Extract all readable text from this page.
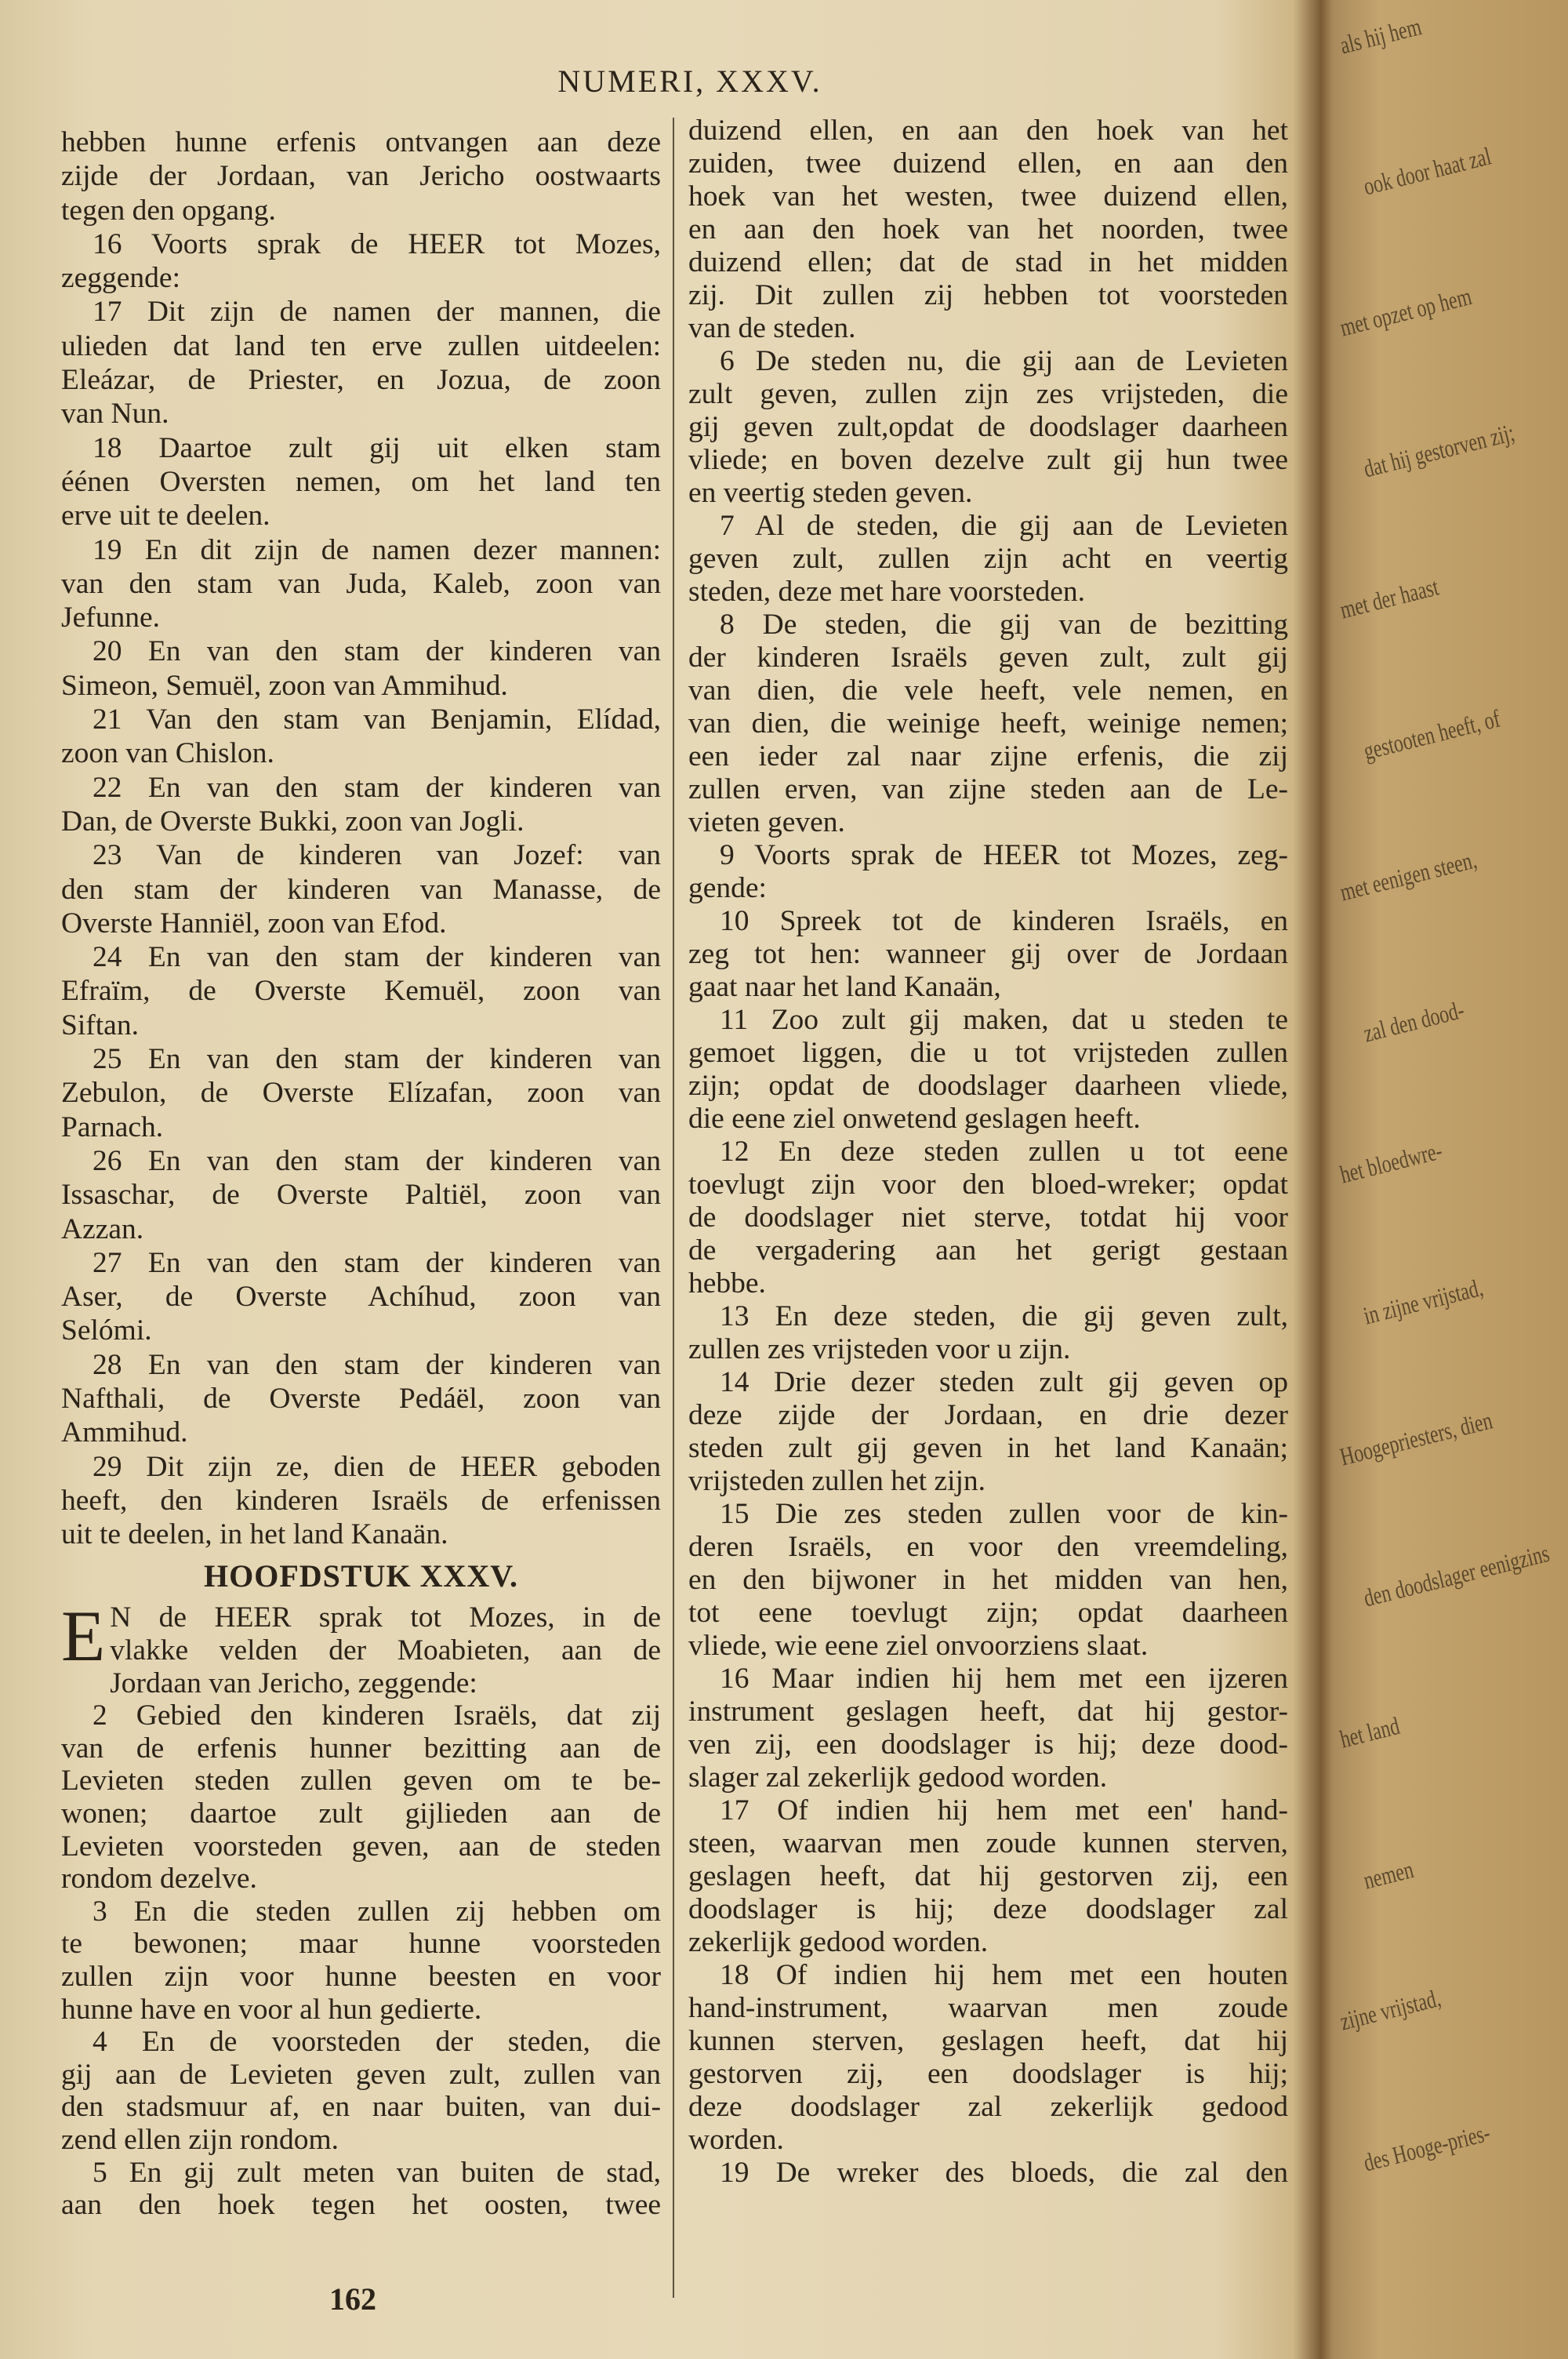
NUMERI, XXXV.
hebben hunne erfenis ontvangen aan deze
zijde der Jordaan, van Jericho oostwaarts
tegen den opgang.
16 Voorts sprak de HEER tot Mozes,
zeggende:
17 Dit zijn de namen der mannen, die
ulieden dat land ten erve zullen uitdeelen:
Eleázar, de Priester, en Jozua, de zoon
van Nun.
18 Daartoe zult gij uit elken stam
éénen Oversten nemen, om het land ten
erve uit te deelen.
19 En dit zijn de namen dezer mannen:
van den stam van Juda, Kaleb, zoon van
Jefunne.
20 En van den stam der kinderen van
Simeon, Semuël, zoon van Ammihud.
21 Van den stam van Benjamin, Elídad,
zoon van Chislon.
22 En van den stam der kinderen van
Dan, de Overste Bukki, zoon van Jogli.
23 Van de kinderen van Jozef: van
den stam der kinderen van Manasse, de
Overste Hanniël, zoon van Efod.
24 En van den stam der kinderen van
Efraïm, de Overste Kemuël, zoon van
Siftan.
25 En van den stam der kinderen van
Zebulon, de Overste Elízafan, zoon van
Parnach.
26 En van den stam der kinderen van
Issaschar, de Overste Paltiël, zoon van
Azzan.
27 En van den stam der kinderen van
Aser, de Overste Achíhud, zoon van
Selómi.
28 En van den stam der kinderen van
Nafthali, de Overste Pedáël, zoon van
Ammihud.
29 Dit zijn ze, dien de HEER geboden
heeft, den kinderen Israëls de erfenissen
uit te deelen, in het land Kanaän.
HOOFDSTUK XXXV.
E N de HEER sprak tot Mozes, in de
vlakke velden der Moabieten, aan de
Jordaan van Jericho, zeggende:
2 Gebied den kinderen Israëls, dat zij
van de erfenis hunner bezitting aan de
Levieten steden zullen geven om te be-
wonen; daartoe zult gijlieden aan de
Levieten voorsteden geven, aan de steden
rondom dezelve.
3 En die steden zullen zij hebben om
te bewonen; maar hunne voorsteden
zullen zijn voor hunne beesten en voor
hunne have en voor al hun gedierte.
4 En de voorsteden der steden, die
gij aan de Levieten geven zult, zullen van
den stadsmuur af, en naar buiten, van dui-
zend ellen zijn rondom.
5 En gij zult meten van buiten de stad,
aan den hoek tegen het oosten, twee
duizend ellen, en aan den hoek van het
zuiden, twee duizend ellen, en aan den
hoek van het westen, twee duizend ellen,
en aan den hoek van het noorden, twee
duizend ellen; dat de stad in het midden
zij. Dit zullen zij hebben tot voorsteden
van de steden.
6 De steden nu, die gij aan de Levieten
zult geven, zullen zijn zes vrijsteden, die
gij geven zult,opdat de doodslager daarheen
vliede; en boven dezelve zult gij hun twee
en veertig steden geven.
7 Al de steden, die gij aan de Levieten
geven zult, zullen zijn acht en veertig
steden, deze met hare voorsteden.
8 De steden, die gij van de bezitting
der kinderen Israëls geven zult, zult gij
van dien, die vele heeft, vele nemen, en
van dien, die weinige heeft, weinige nemen;
een ieder zal naar zijne erfenis, die zij
zullen erven, van zijne steden aan de Le-
vieten geven.
9 Voorts sprak de HEER tot Mozes, zeg-
gende:
10 Spreek tot de kinderen Israëls, en
zeg tot hen: wanneer gij over de Jordaan
gaat naar het land Kanaän,
11 Zoo zult gij maken, dat u steden te
gemoet liggen, die u tot vrijsteden zullen
zijn; opdat de doodslager daarheen vliede,
die eene ziel onwetend geslagen heeft.
12 En deze steden zullen u tot eene
toevlugt zijn voor den bloed-wreker; opdat
de doodslager niet sterve, totdat hij voor
de vergadering aan het gerigt gestaan
hebbe.
13 En deze steden, die gij geven zult,
zullen zes vrijsteden voor u zijn.
14 Drie dezer steden zult gij geven op
deze zijde der Jordaan, en drie dezer
steden zult gij geven in het land Kanaän;
vrijsteden zullen het zijn.
15 Die zes steden zullen voor de kin-
deren Israëls, en voor den vreemdeling,
en den bijwoner in het midden van hen,
tot eene toevlugt zijn; opdat daarheen
vliede, wie eene ziel onvoorziens slaat.
16 Maar indien hij hem met een ijzeren
instrument geslagen heeft, dat hij gestor-
ven zij, een doodslager is hij; deze dood-
slager zal zekerlijk gedood worden.
17 Of indien hij hem met een' hand-
steen, waarvan men zoude kunnen sterven,
geslagen heeft, dat hij gestorven zij, een
doodslager is hij; deze doodslager zal
zekerlijk gedood worden.
18 Of indien hij hem met een houten
hand-instrument, waarvan men zoude
kunnen sterven, geslagen heeft, dat hij
gestorven zij, een doodslager is hij;
deze doodslager zal zekerlijk gedood
worden.
19 De wreker des bloeds, die zal den
162
als hij hem
ook door haat zal
met opzet op hem
dat hij gestorven zij;
met der haast
gestooten heeft, of
met eenigen steen,
zal den dood-
het bloedwre-
in zijne vrijstad,
Hoogepriesters, dien
den doodslager eenigzins
het land
nemen
zijne vrijstad,
des Hooge-pries-
